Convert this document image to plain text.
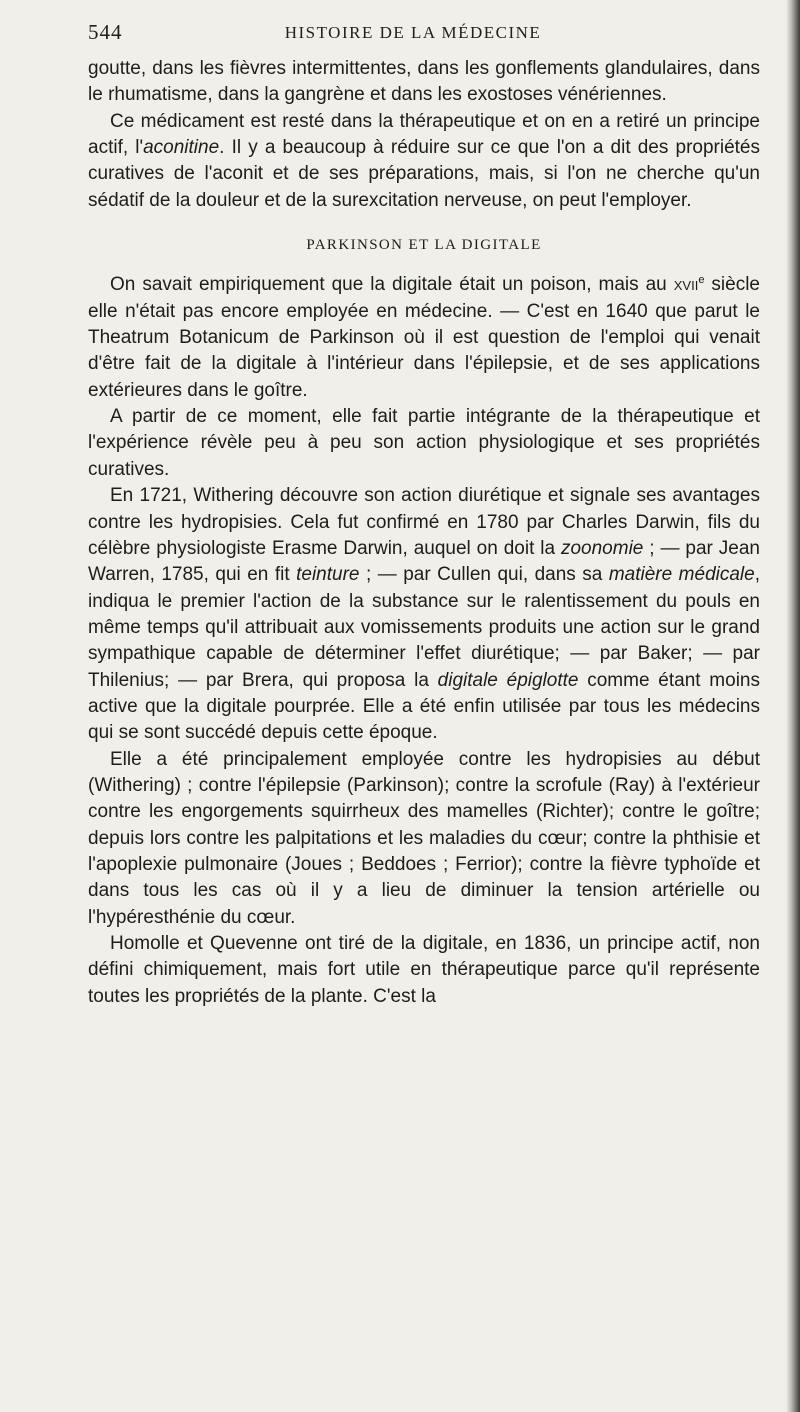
544	HISTOIRE DE LA MÉDECINE

goutte, dans les fièvres intermittentes, dans les gonflements glandulaires, dans le rhumatisme, dans la gangrène et dans les exostoses vénériennes.

Ce médicament est resté dans la thérapeutique et on en a retiré un principe actif, l'aconitine. Il y a beaucoup à réduire sur ce que l'on a dit des propriétés curatives de l'aconit et de ses préparations, mais, si l'on ne cherche qu'un sédatif de la douleur et de la surexcitation nerveuse, on peut l'employer.

PARKINSON ET LA DIGITALE

On savait empiriquement que la digitale était un poison, mais au xvii$^e$ siècle elle n'était pas encore employée en médecine. — C'est en 1640 que parut le Theatrum Botanicum de Parkinson où il est question de l'emploi qui venait d'être fait de la digitale à l'intérieur dans l'épilepsie, et de ses applications extérieures dans le goître.

A partir de ce moment, elle fait partie intégrante de la thérapeutique et l'expérience révèle peu à peu son action physiologique et ses propriétés curatives.

En 1721, Withering découvre son action diurétique et signale ses avantages contre les hydropisies. Cela fut confirmé en 1780 par Charles Darwin, fils du célèbre physiologiste Erasme Darwin, auquel on doit la zoonomie ; — par Jean Warren, 1785, qui en fit teinture ; — par Cullen qui, dans sa matière médicale, indiqua le premier l'action de la substance sur le ralentissement du pouls en même temps qu'il attribuait aux vomissements produits une action sur le grand sympathique capable de déterminer l'effet diurétique; — par Baker; — par Thilenius; — par Brera, qui proposa la digitale épiglotte comme étant moins active que la digitale pourprée. Elle a été enfin utilisée par tous les médecins qui se sont succédé depuis cette époque.

Elle a été principalement employée contre les hydropisies au début (Withering) ; contre l'épilepsie (Parkinson); contre la scrofule (Ray) à l'extérieur contre les engorgements squirrheux des mamelles (Richter); contre le goître; depuis lors contre les palpitations et les maladies du cœur; contre la phthisie et l'apoplexie pulmonaire (Joues ; Beddoes ; Ferrior); contre la fièvre typhoïde et dans tous les cas où il y a lieu de diminuer la tension artérielle ou l'hypéresthénie du cœur.

Homolle et Quevenne ont tiré de la digitale, en 1836, un principe actif, non défini chimiquement, mais fort utile en thérapeutique parce qu'il représente toutes les propriétés de la plante. C'est la
